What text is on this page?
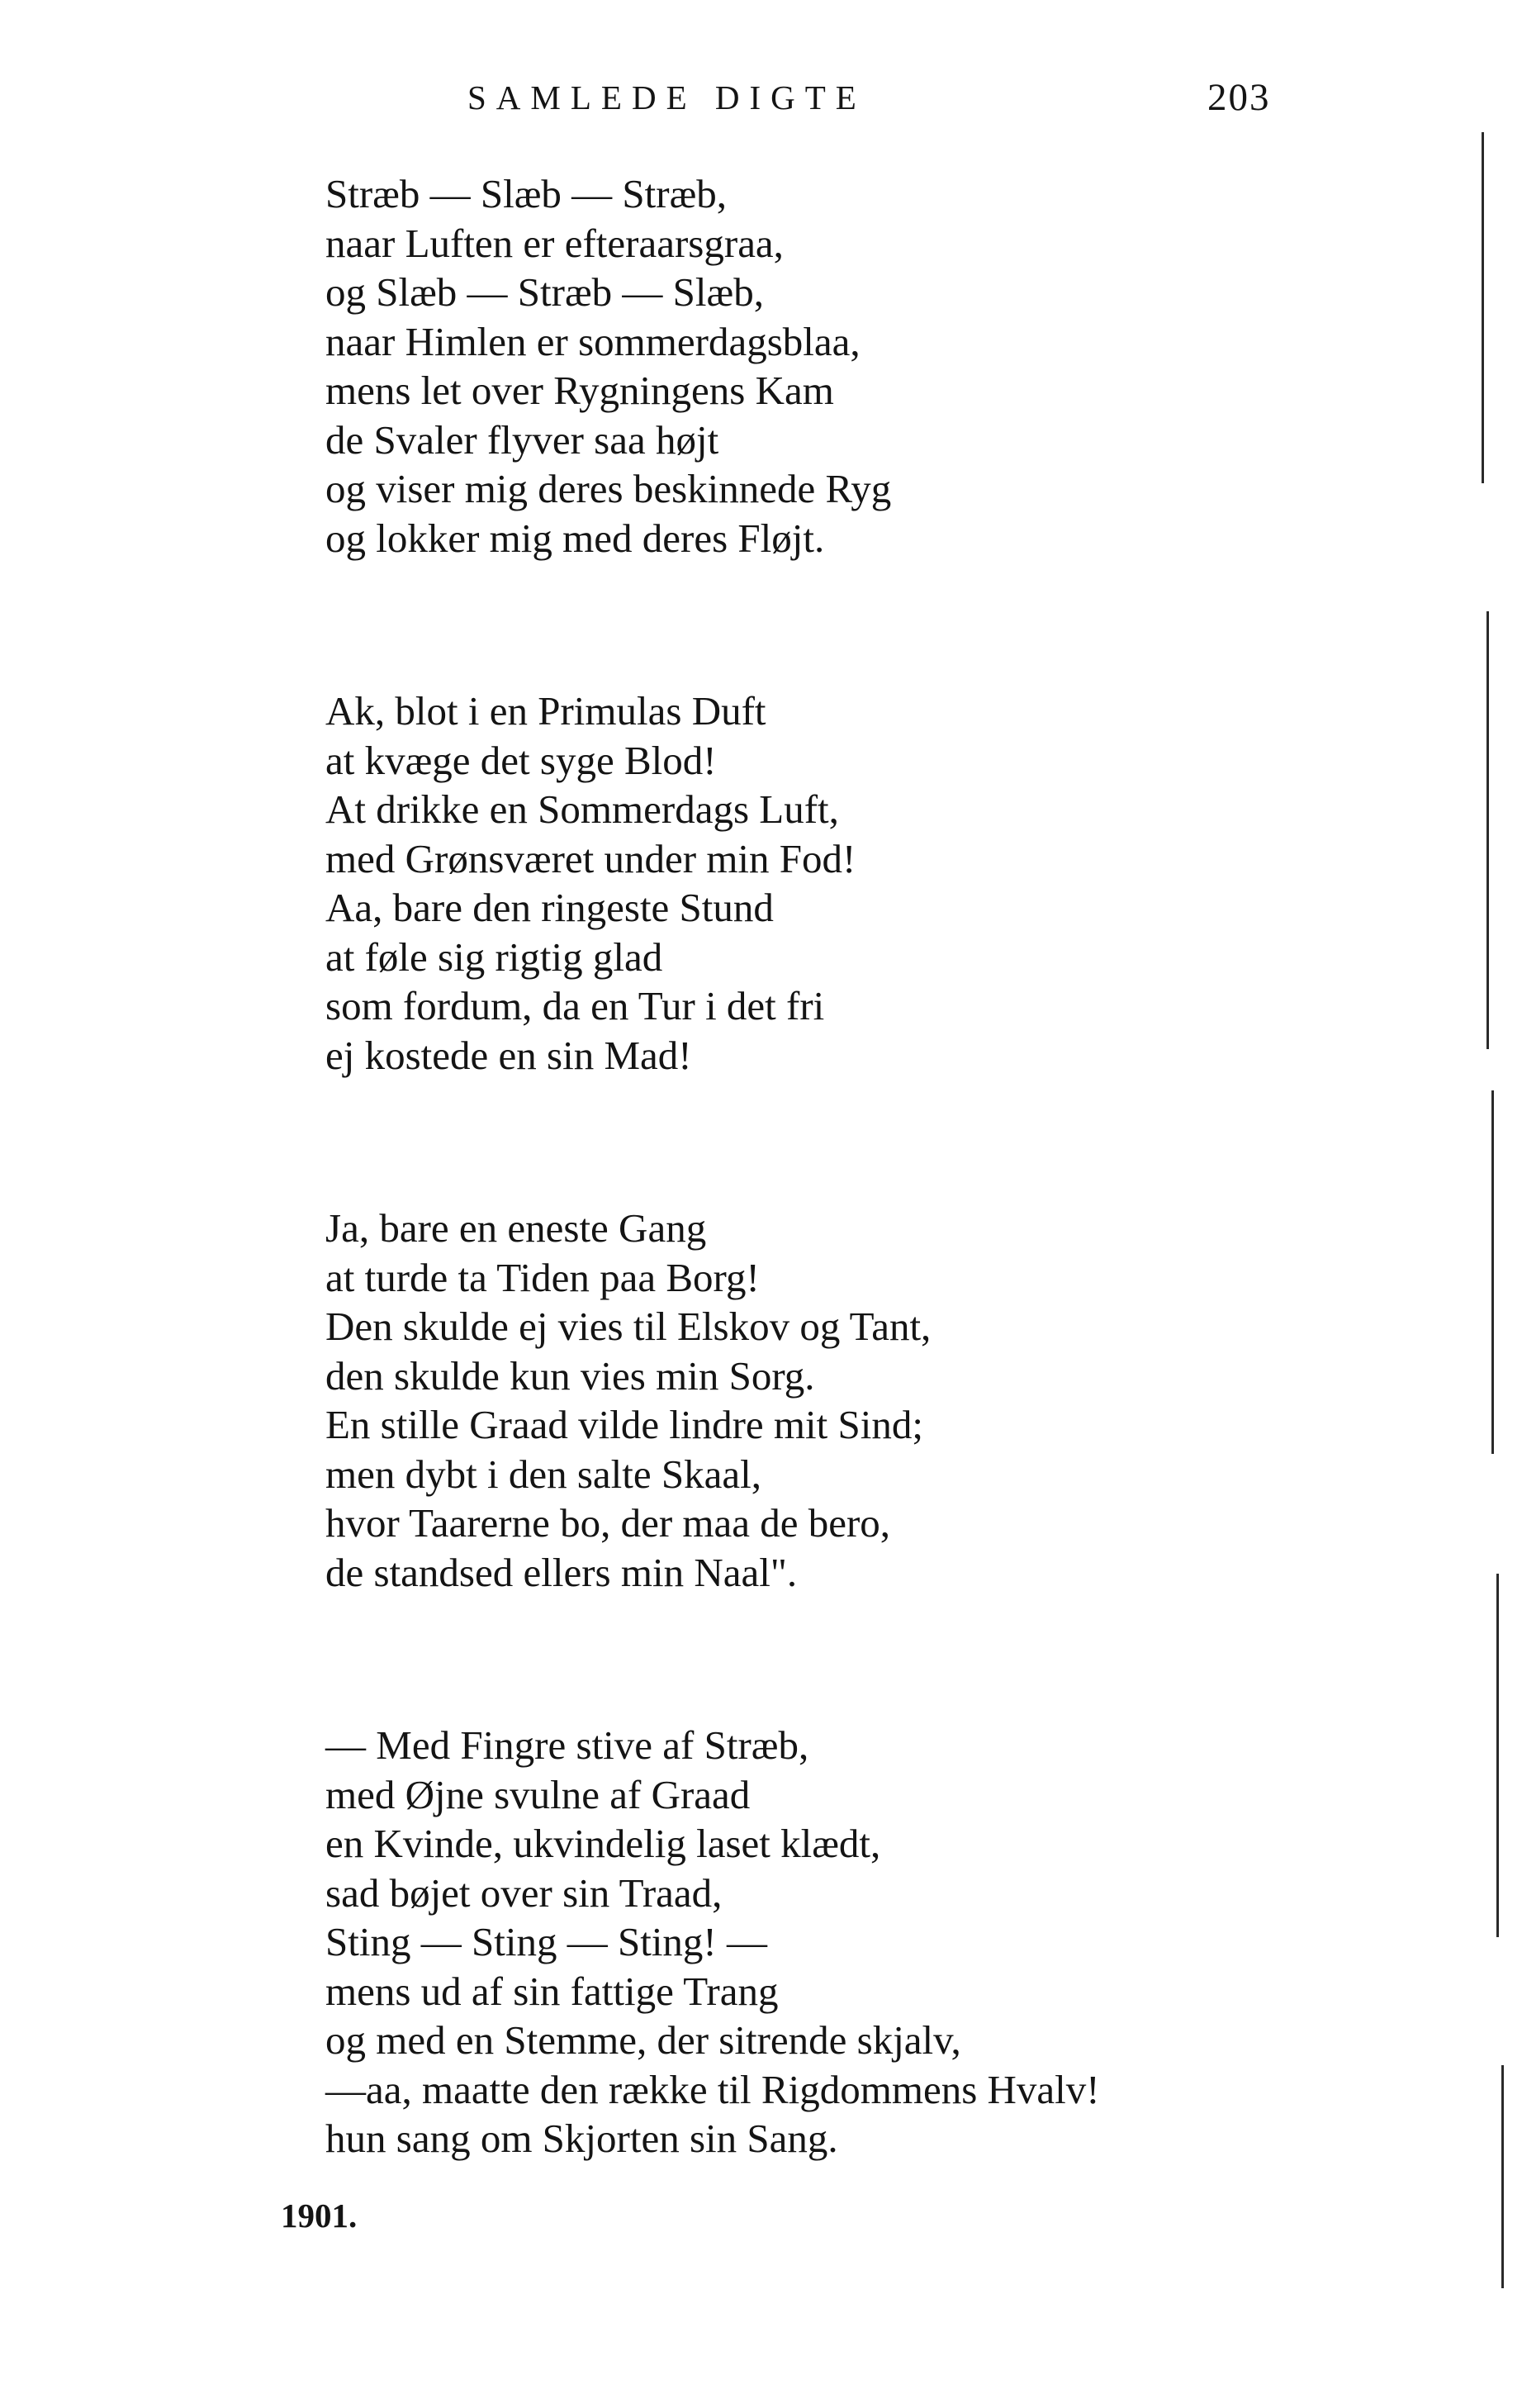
SAMLEDE DIGTE	203
Stræb — Slæb — Stræb,
naar Luften er efteraarsgraa,
og Slæb — Stræb — Slæb,
naar Himlen er sommerdagsblaa,
mens let over Rygningens Kam
de Svaler flyver saa højt
og viser mig deres beskinnede Ryg
og lokker mig med deres Fløjt.
Ak, blot i en Primulas Duft
at kvæge det syge Blod!
At drikke en Sommerdags Luft,
med Grønsværet under min Fod!
Aa, bare den ringeste Stund
at føle sig rigtig glad
som fordum, da en Tur i det fri
ej kostede en sin Mad!
Ja, bare en eneste Gang
at turde ta Tiden paa Borg!
Den skulde ej vies til Elskov og Tant,
den skulde kun vies min Sorg.
En stille Graad vilde lindre mit Sind;
men dybt i den salte Skaal,
hvor Taarerne bo, der maa de bero,
de standsed ellers min Naal".
— Med Fingre stive af Stræb,
med Øjne svulne af Graad
en Kvinde, ukvindelig laset klædt,
sad bøjet over sin Traad,
Sting — Sting — Sting! —
mens ud af sin fattige Trang
og med en Stemme, der sitrende skjalv,
—aa, maatte den række til Rigdommens Hvalv!
hun sang om Skjorten sin Sang.
1901.
